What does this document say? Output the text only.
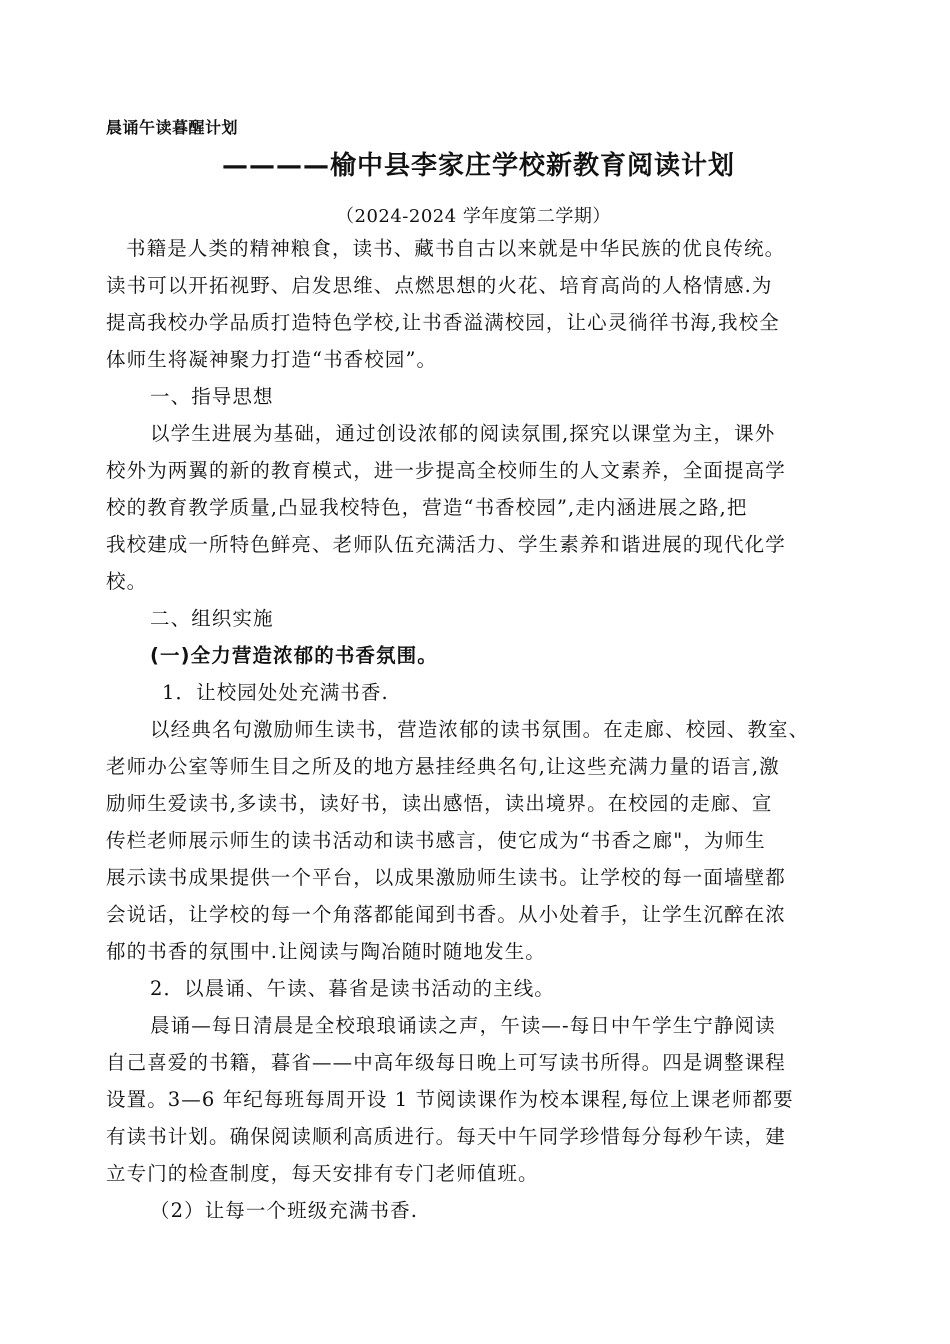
晨诵午读暮醒计划
————榆中县李家庄学校新教育阅读计划
（2024-2024 学年度第二学期）
书籍是人类的精神粮食，读书、藏书自古以来就是中华民族的优良传统。
读书可以开拓视野、启发思维、点燃思想的火花、培育高尚的人格情感.为
提高我校办学品质打造特色学校,让书香溢满校园，让心灵徜徉书海,我校全
体师生将凝神聚力打造“书香校园”。
一、指导思想
以学生进展为基础，通过创设浓郁的阅读氛围,探究以课堂为主，课外
校外为两翼的新的教育模式，进一步提高全校师生的人文素养，全面提高学
校的教育教学质量,凸显我校特色，营造“书香校园”,走内涵进展之路,把
我校建成一所特色鲜亮、老师队伍充满活力、学生素养和谐进展的现代化学
校。
二、组织实施
(一)全力营造浓郁的书香氛围。
1．让校园处处充满书香.
以经典名句激励师生读书，营造浓郁的读书氛围。在走廊、校园、教室、
老师办公室等师生目之所及的地方悬挂经典名句,让这些充满力量的语言,激
励师生爱读书,多读书，读好书，读出感悟，读出境界。在校园的走廊、宣
传栏老师展示师生的读书活动和读书感言，使它成为“书香之廊"，为师生
展示读书成果提供一个平台，以成果激励师生读书。让学校的每一面墙壁都
会说话，让学校的每一个角落都能闻到书香。从小处着手，让学生沉醉在浓
郁的书香的氛围中.让阅读与陶冶随时随地发生。
2．以晨诵、午读、暮省是读书活动的主线。
晨诵—每日清晨是全校琅琅诵读之声，午读—-每日中午学生宁静阅读
自己喜爱的书籍，暮省——中高年级每日晚上可写读书所得。四是调整课程
设置。3—6 年纪每班每周开设 1 节阅读课作为校本课程,每位上课老师都要
有读书计划。确保阅读顺利高质进行。每天中午同学珍惜每分每秒午读，建
立专门的检查制度，每天安排有专门老师值班。
（2）让每一个班级充满书香.
